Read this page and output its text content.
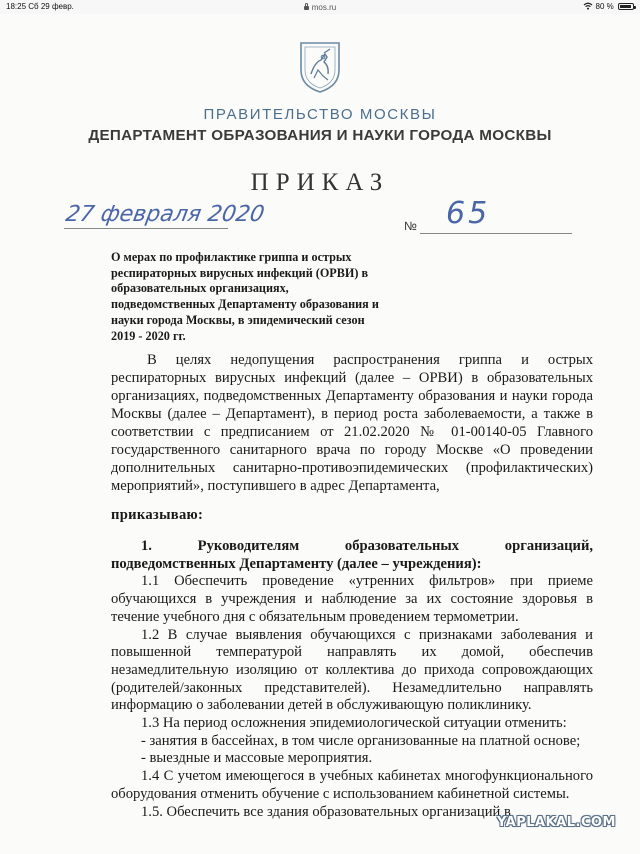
18:25 Сб 29 февр.	mos.ru	80 %
ПРАВИТЕЛЬСТВО МОСКВЫ
ДЕПАРТАМЕНТ ОБРАЗОВАНИЯ И НАУКИ ГОРОДА МОСКВЫ
ПРИКАЗ
27 февраля 2020	№ 65
О мерах по профилактике гриппа и острых респираторных вирусных инфекций (ОРВИ) в образовательных организациях, подведомственных Департаменту образования и науки города Москвы, в эпидемический сезон 2019 - 2020 гг.

В целях недопущения распространения гриппа и острых респираторных вирусных инфекций (далее – ОРВИ) в образовательных организациях, подведомственных Департаменту образования и науки города Москвы (далее – Департамент), в период роста заболеваемости, а также в соответствии с предписанием от 21.02.2020 № 01-00140-05 Главного государственного санитарного врача по городу Москве «О проведении дополнительных санитарно-противоэпидемических (профилактических) мероприятий», поступившего в адрес Департамента,

приказываю:

1. Руководителям образовательных организаций, подведомственных Департаменту (далее – учреждения):

1.1 Обеспечить проведение «утренних фильтров» при приеме обучающихся в учреждения и наблюдение за их состояние здоровья в течение учебного дня с обязательным проведением термометрии.

1.2 В случае выявления обучающихся с признаками заболевания и повышенной температурой направлять их домой, обеспечив незамедлительную изоляцию от коллектива до прихода сопровождающих (родителей/законных представителей). Незамедлительно направлять информацию о заболевании детей в обслуживающую поликлинику.

1.3 На период осложнения эпидемиологической ситуации отменить:

- занятия в бассейнах, в том числе организованные на платной основе;

- выездные и массовые мероприятия.

1.4 С учетом имеющегося в учебных кабинетах многофункционального оборудования отменить обучение с использованием кабинетной системы.

1.5. Обеспечить все здания образовательных организаций в

YAPLAKAL.COM
